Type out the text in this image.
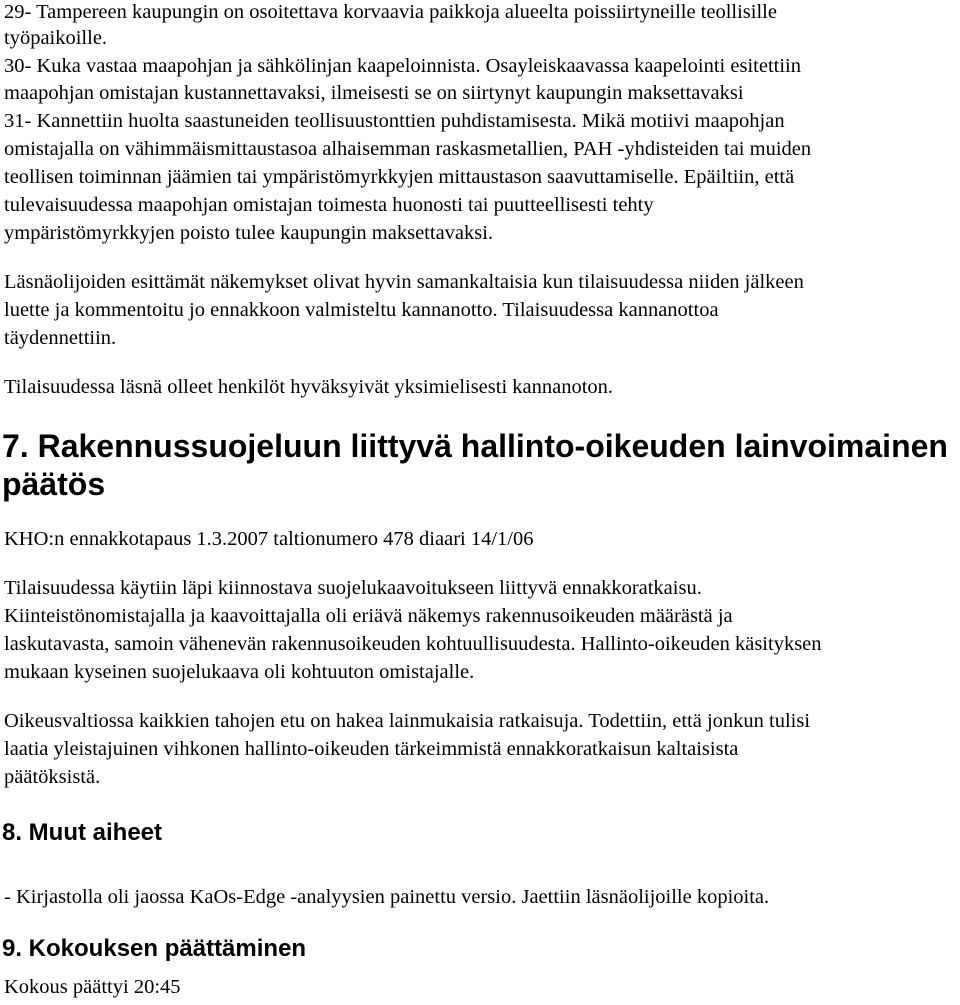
29- Tampereen kaupungin on osoitettava korvaavia paikkoja alueelta poissiirtyneille teollisille
työpaikoille.
30- Kuka vastaa maapohjan ja sähkölinjan kaapeloinnista. Osayleiskaavassa kaapelointi esitettiin
maapohjan omistajan kustannettavaksi, ilmeisesti se on siirtynyt kaupungin maksettavaksi
31- Kannettiin huolta saastuneiden teollisuustonttien puhdistamisesta. Mikä motiivi maapohjan
omistajalla on vähimmäismittaustasoa alhaisemman raskasmetallien, PAH -yhdisteiden tai muiden
teollisen toiminnan jäämien tai ympäristömyrkkyjen mittaustason saavuttamiselle. Epäiltiin, että
tulevaisuudessa maapohjan omistajan toimesta huonosti tai puutteellisesti tehty
ympäristömyrkkyjen poisto tulee kaupungin maksettavaksi.
Läsnäolijoiden esittämät näkemykset olivat hyvin samankaltaisia kun tilaisuudessa niiden jälkeen
luette ja kommentoitu jo ennakkoon valmisteltu kannanotto. Tilaisuudessa kannanottoa
täydennettiin.
Tilaisuudessa läsnä olleet henkilöt hyväksyivät yksimielisesti kannanoton.
7. Rakennussuojeluun liittyvä hallinto-oikeuden lainvoimainen
päätös
KHO:n ennakkotapaus 1.3.2007 taltionumero 478 diaari 14/1/06
Tilaisuudessa käytiin läpi kiinnostava suojelukaavoitukseen liittyvä ennakkoratkaisu.
Kiinteistönomistajalla ja kaavoittajalla oli eriävä näkemys rakennusoikeuden määrästä ja
laskutavasta, samoin vähenevän rakennusoikeuden kohtuullisuudesta. Hallinto-oikeuden käsityksen
mukaan kyseinen suojelukaava oli kohtuuton omistajalle.
Oikeusvaltiossa kaikkien tahojen etu on hakea lainmukaisia ratkaisuja. Todettiin, että jonkun tulisi
laatia yleistajuinen vihkonen hallinto-oikeuden tärkeimmistä ennakkoratkaisun kaltaisista
päätöksistä.
8. Muut aiheet
- Kirjastolla oli jaossa KaOs-Edge -analyysien painettu versio. Jaettiin läsnäolijoille kopioita.
9. Kokouksen päättäminen
Kokous päättyi 20:45
